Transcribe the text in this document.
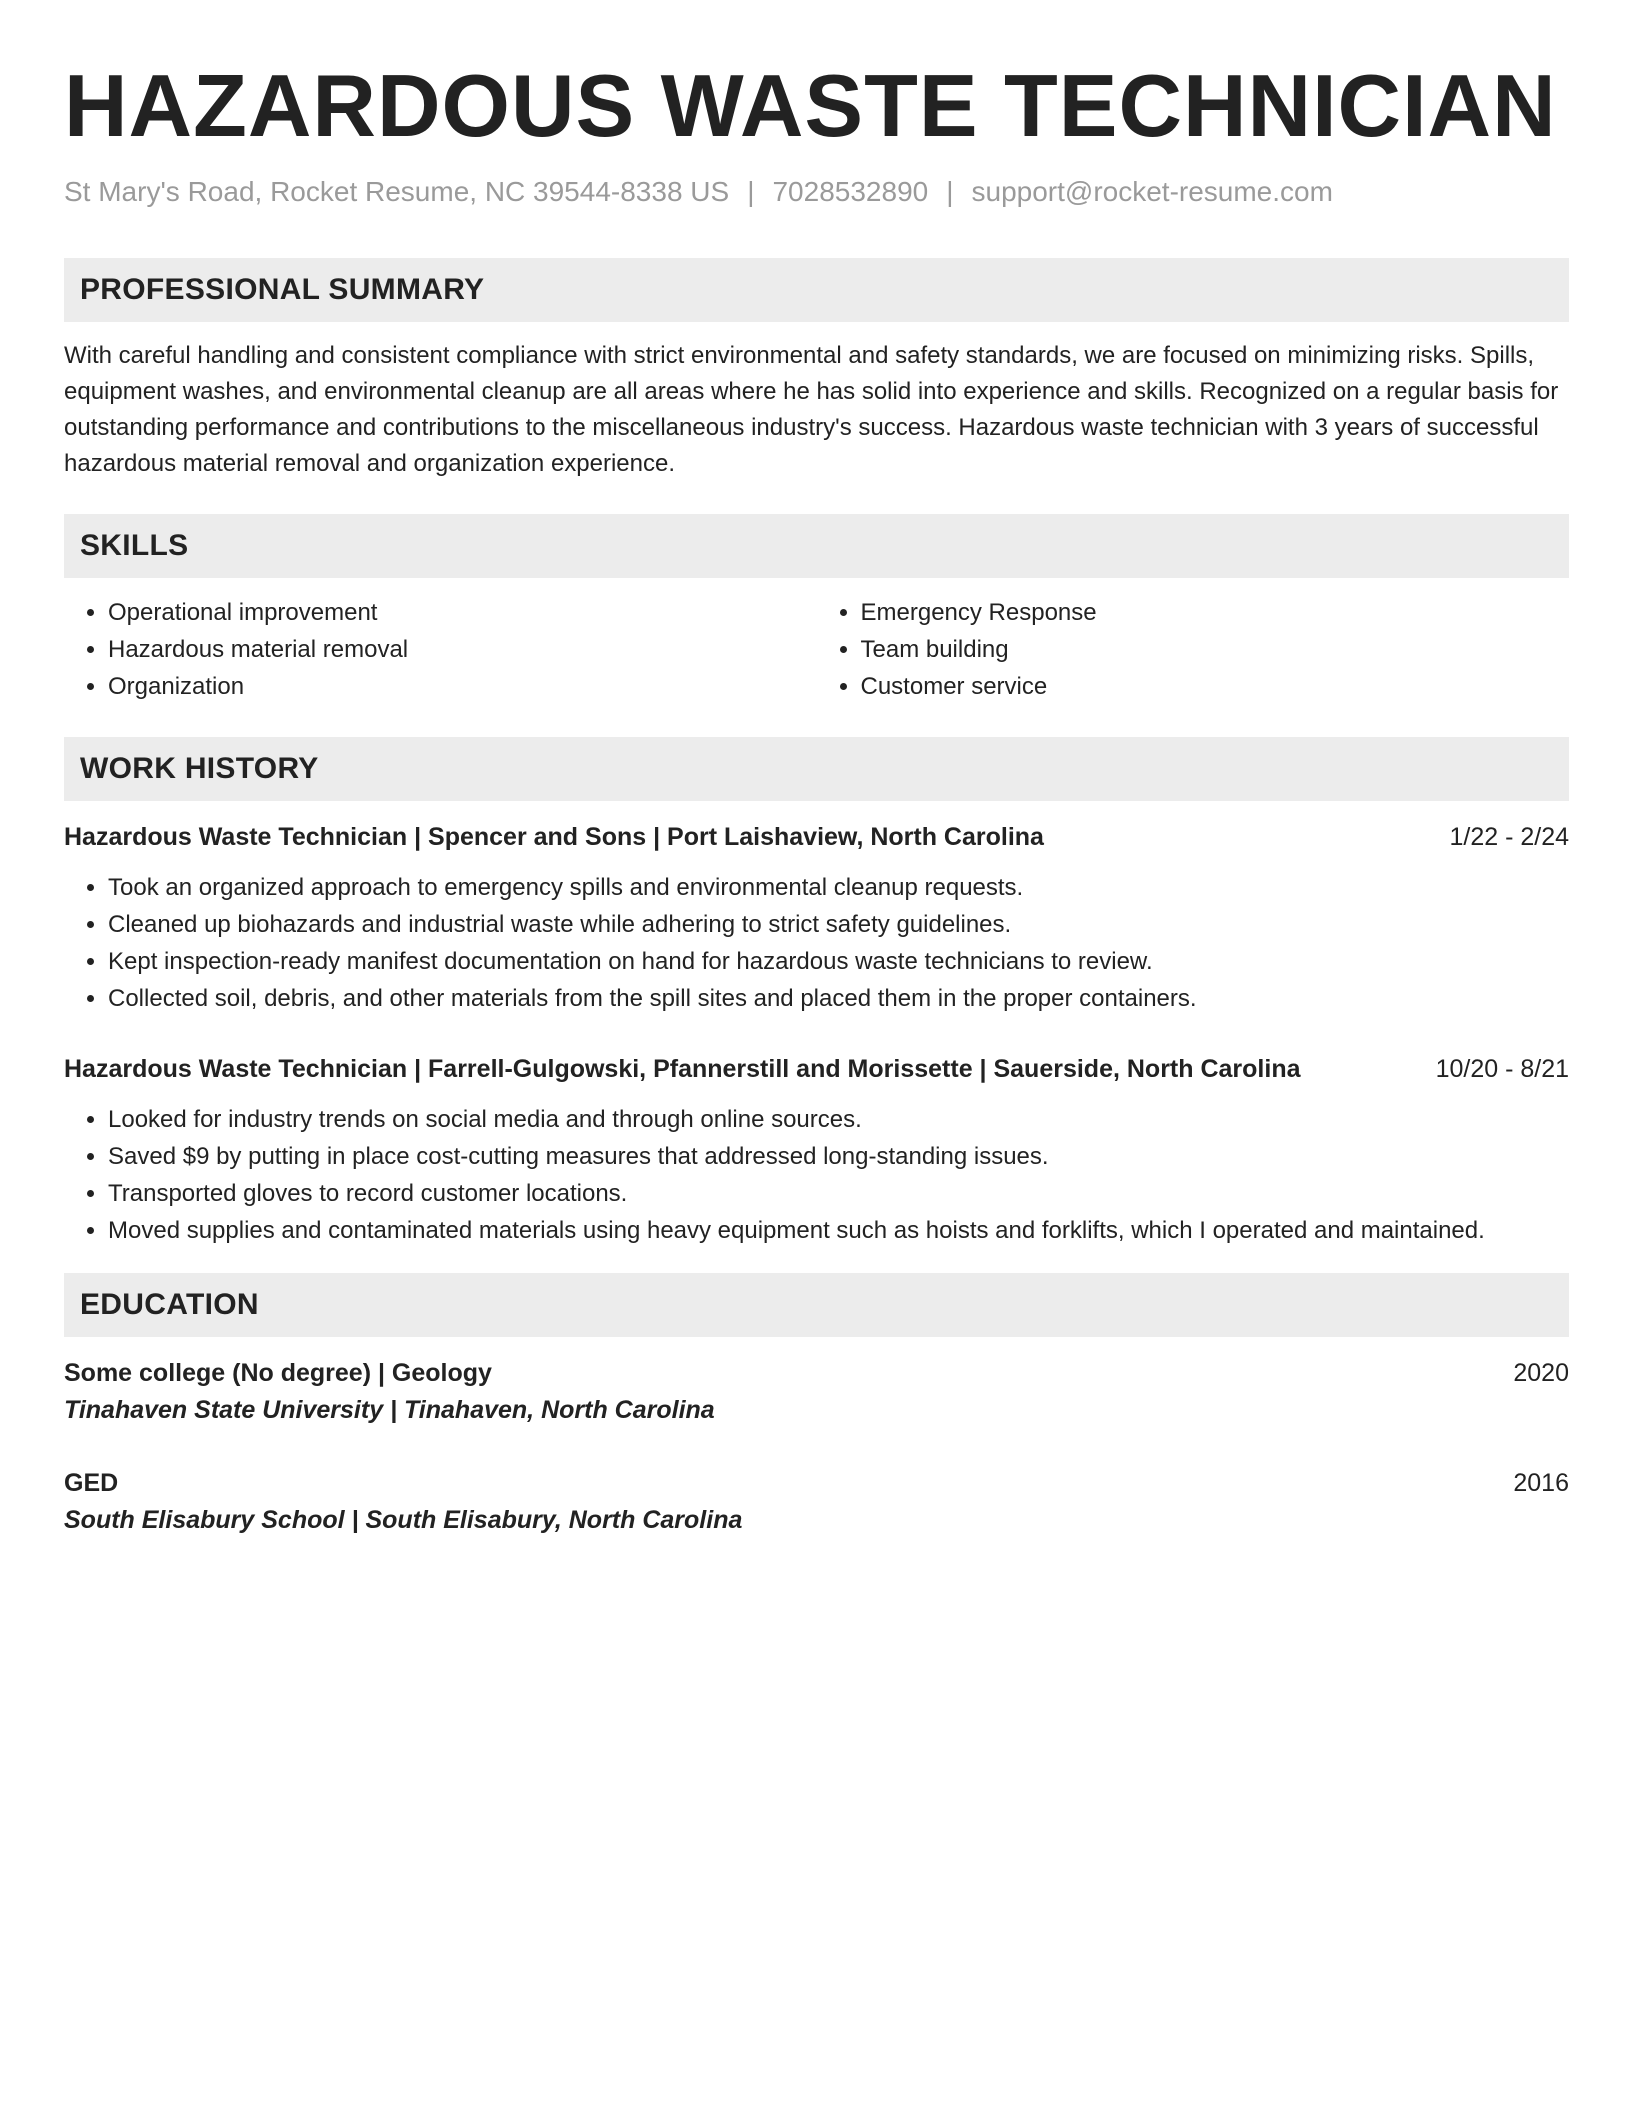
HAZARDOUS WASTE TECHNICIAN
St Mary's Road, Rocket Resume, NC 39544-8338 US | 7028532890 | support@rocket-resume.com
PROFESSIONAL SUMMARY
With careful handling and consistent compliance with strict environmental and safety standards, we are focused on minimizing risks. Spills, equipment washes, and environmental cleanup are all areas where he has solid into experience and skills. Recognized on a regular basis for outstanding performance and contributions to the miscellaneous industry's success. Hazardous waste technician with 3 years of successful hazardous material removal and organization experience.
SKILLS
• Operational improvement
• Hazardous material removal
• Organization
• Emergency Response
• Team building
• Customer service
WORK HISTORY
Hazardous Waste Technician | Spencer and Sons | Port Laishaview, North Carolina	1/22 - 2/24
• Took an organized approach to emergency spills and environmental cleanup requests.
• Cleaned up biohazards and industrial waste while adhering to strict safety guidelines.
• Kept inspection-ready manifest documentation on hand for hazardous waste technicians to review.
• Collected soil, debris, and other materials from the spill sites and placed them in the proper containers.
Hazardous Waste Technician | Farrell-Gulgowski, Pfannerstill and Morissette | Sauerside, North Carolina	10/20 - 8/21
• Looked for industry trends on social media and through online sources.
• Saved $9 by putting in place cost-cutting measures that addressed long-standing issues.
• Transported gloves to record customer locations.
• Moved supplies and contaminated materials using heavy equipment such as hoists and forklifts, which I operated and maintained.
EDUCATION
Some college (No degree) | Geology	2020
Tinahaven State University | Tinahaven, North Carolina
GED	2016
South Elisabury School | South Elisabury, North Carolina
